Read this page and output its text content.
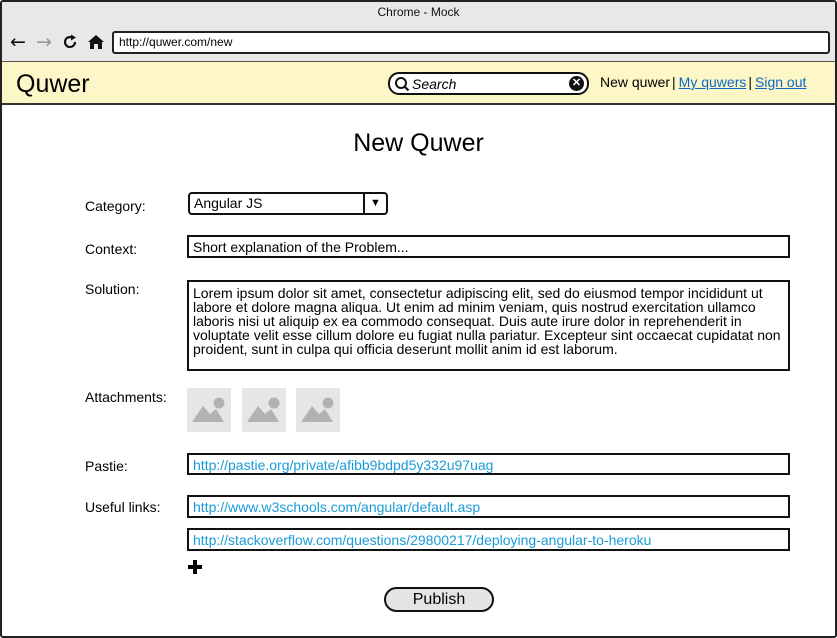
Chrome - Mock
← →	http://quwer.com/new
Quwer
Search	✕ New quwer | My quwers | Sign out
New Quwer
Category:	Angular JS	▼
Context:	Short explanation of the Problem...
Solution:	Lorem ipsum dolor sit amet, consectetur adipiscing elit, sed do eiusmod tempor incididunt ut labore et dolore magna aliqua. Ut enim ad minim veniam, quis nostrud exercitation ullamco laboris nisi ut aliquip ex ea commodo consequat. Duis aute irure dolor in reprehenderit in voluptate velit esse cillum dolore eu fugiat nulla pariatur. Excepteur sint occaecat cupidatat non proident, sunt in culpa qui officia deserunt mollit anim id est laborum.
Attachments:
Pastie:	http://pastie.org/private/afibb9bdpd5y332u97uag
Useful links:	http://www.w3schools.com/angular/default.asp
http://stackoverflow.com/questions/29800217/deploying-angular-to-heroku
Publish
